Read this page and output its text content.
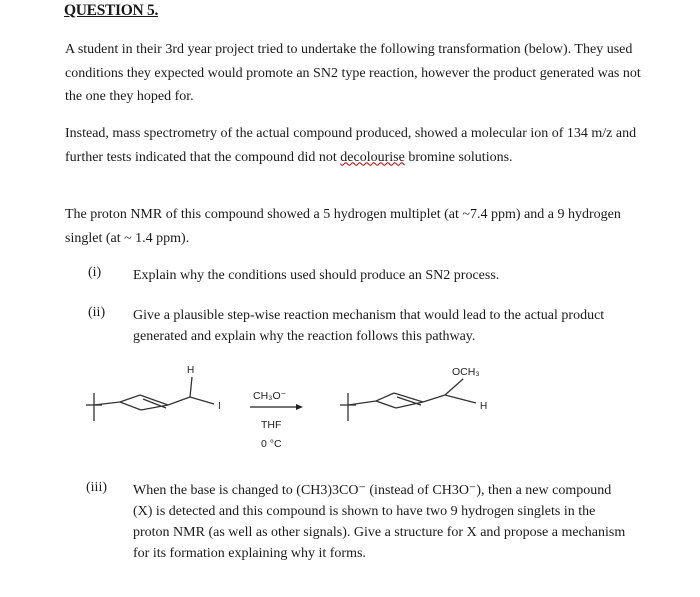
QUESTION 5.

A student in their 3rd year project tried to undertake the following transformation (below). They used conditions they expected would promote an SN2 type reaction, however the product generated was not the one they hoped for.

Instead, mass spectrometry of the actual compound produced, showed a molecular ion of 134 m/z and further tests indicated that the compound did not decolourise bromine solutions.

The proton NMR of this compound showed a 5 hydrogen multiplet (at ~7.4 ppm) and a 9 hydrogen singlet (at ~ 1.4 ppm).

(i) Explain why the conditions used should produce an SN2 process.

(ii) Give a plausible step-wise reaction mechanism that would lead to the actual product generated and explain why the reaction follows this pathway.

H
I
CH₃O⁻
THF
0 °C
OCH₃
H
(iii) When the base is changed to (CH3)3CO⁻ (instead of CH3O⁻), then a new compound (X) is detected and this compound is shown to have two 9 hydrogen singlets in the proton NMR (as well as other signals). Give a structure for X and propose a mechanism for its formation explaining why it forms.
